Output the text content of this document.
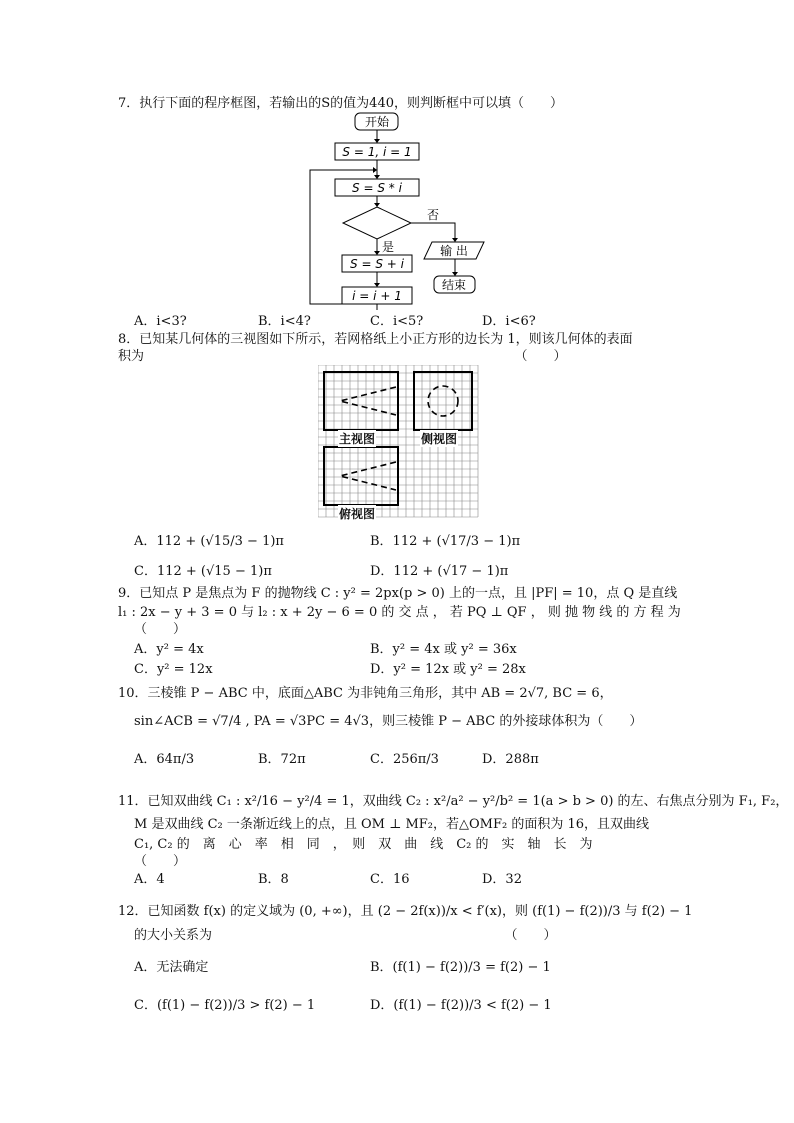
7．执行下面的程序框图，若输出的S的值为440，则判断框中可以填（　　）
开始
S = 1, i = 1
S = S * i
S = S + i
i = i + 1
否
是	输 出
结束
A．i<3?	B．i<4?	C．i<5?	D．i<6?
8．已知某几何体的三视图如下所示，若网格纸上小正方形的边长为 1，则该几何体的表面
积为　　　　　　　　　　　　　　　　　　　　　　　　　　　　　（　　）
主视图	侧视图
俯视图
A．112 + (√15/3 − 1)π	B．112 + (√17/3 − 1)π
C．112 + (√15 − 1)π	D．112 + (√17 − 1)π
9．已知点 P 是焦点为 F 的抛物线 C : y² = 2px(p > 0) 上的一点，且 |PF| = 10，点 Q 是直线
l₁ : 2x − y + 3 = 0 与 l₂ : x + 2y − 6 = 0 的 交 点 ， 若 PQ ⊥ QF ， 则 抛 物 线 的 方 程 为
（　　）
A．y² = 4x	B．y² = 4x 或 y² = 36x
C．y² = 12x	D．y² = 12x 或 y² = 28x
10．三棱锥 P − ABC 中，底面△ABC 为非钝角三角形，其中 AB = 2√7, BC = 6，
sin∠ACB = √7/4 , PA = √3PC = 4√3，则三棱锥 P − ABC 的外接球体积为（　　）
A．64π/3	B．72π	C．256π/3	D．288π
11．已知双曲线 C₁ : x²/16 − y²/4 = 1，双曲线 C₂ : x²/a² − y²/b² = 1(a > b > 0) 的左、右焦点分别为 F₁, F₂，
M 是双曲线 C₂ 一条渐近线上的点，且 OM ⊥ MF₂，若△OMF₂ 的面积为 16，且双曲线
C₁, C₂ 的　离　心　率　相　同　，　则　双　曲　线　C₂ 的　实　轴　长　为
（　　）
A．4	B．8	C．16	D．32
12．已知函数 f(x) 的定义域为 (0, +∞)，且 (2 − 2f(x))/x < f′(x)，则 (f(1) − f(2))/3 与 f(2) − 1
的大小关系为　　　　　　　　　　　　　　　　　　　　　　　（　　）
A．无法确定	B．(f(1) − f(2))/3 = f(2) − 1
C．(f(1) − f(2))/3 > f(2) − 1	D．(f(1) − f(2))/3 < f(2) − 1
